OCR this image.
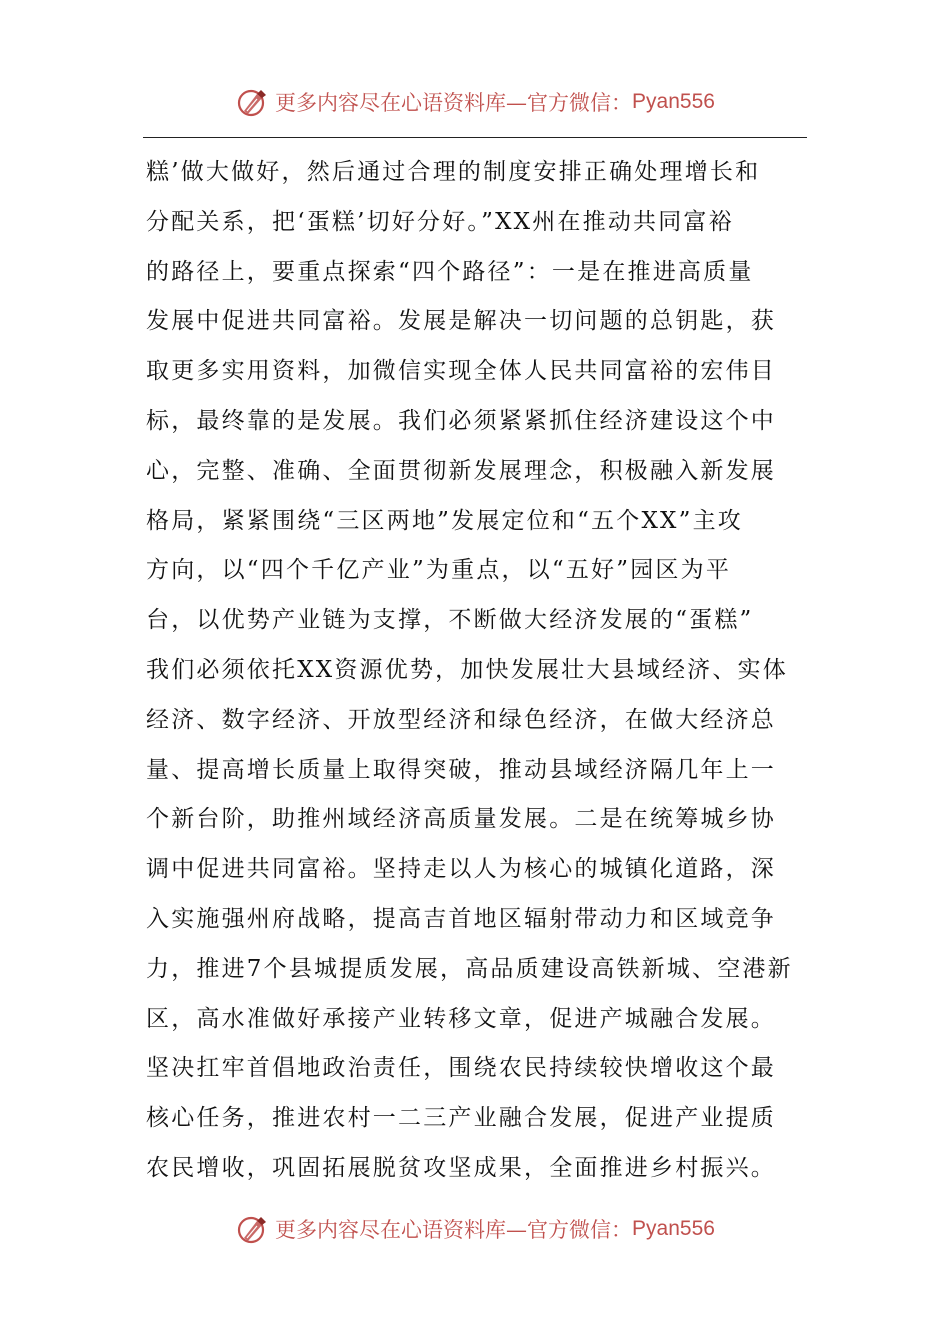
更多内容尽在心语资料库—官方微信： Pyan556
糕’做大做好，然后通过合理的制度安排正确处理增长和
分配关系，把‘蛋糕’切好分好。”XX州在推动共同富裕
的路径上，要重点探索“四个路径”：一是在推进高质量
发展中促进共同富裕。发展是解决一切问题的总钥匙，获
取更多实用资料，加微信实现全体人民共同富裕的宏伟目
标，最终靠的是发展。我们必须紧紧抓住经济建设这个中
心，完整、准确、全面贯彻新发展理念，积极融入新发展
格局，紧紧围绕“三区两地”发展定位和“五个XX”主攻
方向，以“四个千亿产业”为重点，以“五好”园区为平
台，以优势产业链为支撑，不断做大经济发展的“蛋糕”
我们必须依托XX资源优势，加快发展壮大县域经济、实体
经济、数字经济、开放型经济和绿色经济，在做大经济总
量、提高增长质量上取得突破，推动县域经济隔几年上一
个新台阶，助推州域经济高质量发展。二是在统筹城乡协
调中促进共同富裕。坚持走以人为核心的城镇化道路，深
入实施强州府战略，提高吉首地区辐射带动力和区域竞争
力，推进7个县城提质发展，高品质建设高铁新城、空港新
区，高水准做好承接产业转移文章，促进产城融合发展。
坚决扛牢首倡地政治责任，围绕农民持续较快增收这个最
核心任务，推进农村一二三产业融合发展，促进产业提质
农民增收，巩固拓展脱贫攻坚成果，全面推进乡村振兴。
更多内容尽在心语资料库—官方微信： Pyan556
